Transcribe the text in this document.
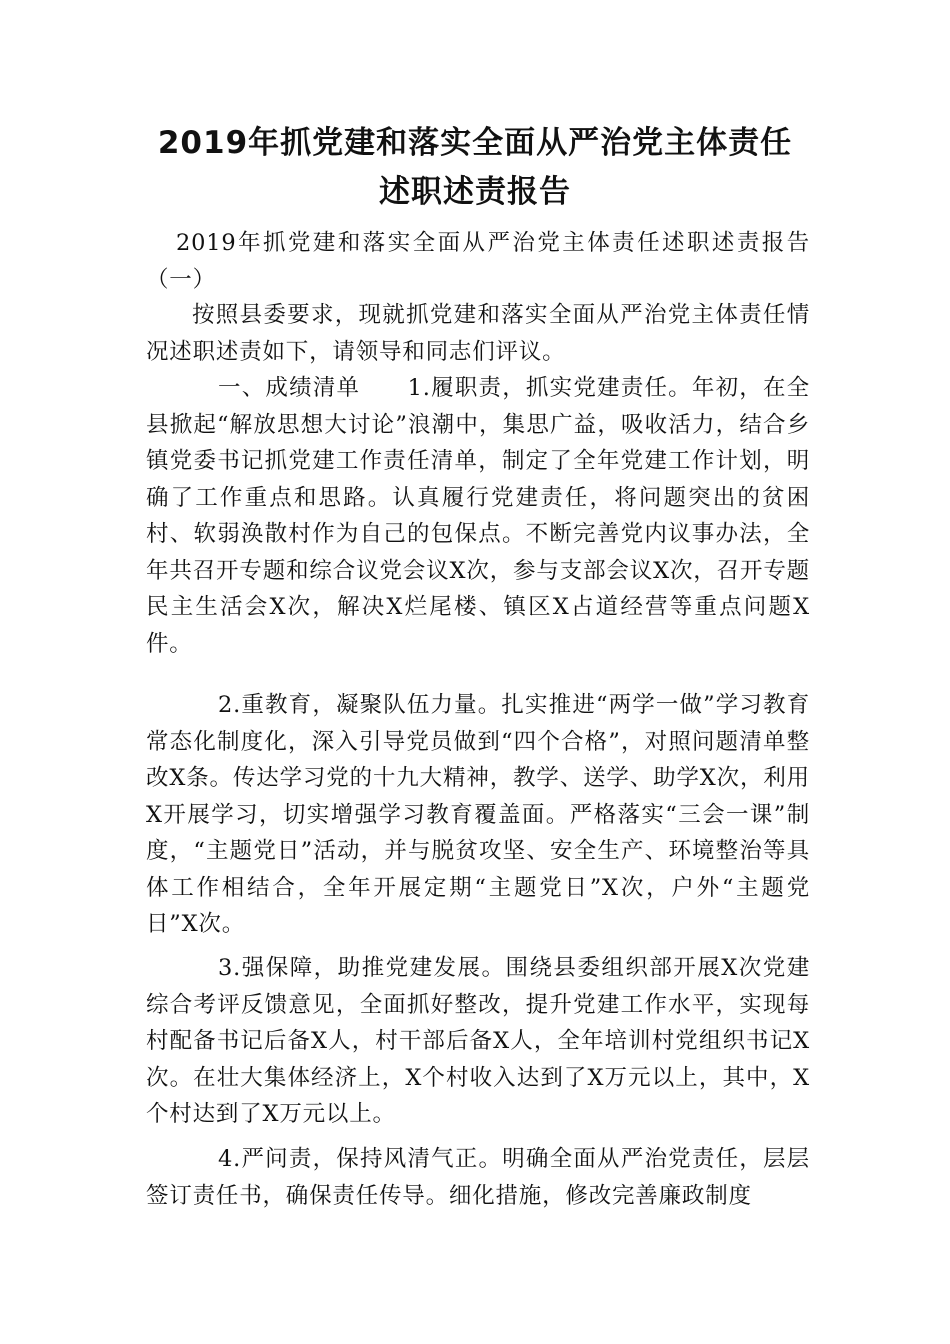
2019年抓党建和落实全面从严治党主体责任
述职述责报告
2019年抓党建和落实全面从严治党主体责任述职述责报告（一）
按照县委要求，现就抓党建和落实全面从严治党主体责任情况述职述责如下，请领导和同志们评议。
一、成绩清单　　1.履职责，抓实党建责任。年初，在全县掀起“解放思想大讨论”浪潮中，集思广益，吸收活力，结合乡镇党委书记抓党建工作责任清单，制定了全年党建工作计划，明确了工作重点和思路。认真履行党建责任，将问题突出的贫困村、软弱涣散村作为自己的包保点。不断完善党内议事办法，全年共召开专题和综合议党会议X次，参与支部会议X次，召开专题民主生活会X次，解决X烂尾楼、镇区X占道经营等重点问题X件。
2.重教育，凝聚队伍力量。扎实推进“两学一做”学习教育常态化制度化，深入引导党员做到“四个合格”，对照问题清单整改X条。传达学习党的十九大精神，教学、送学、助学X次，利用X开展学习，切实增强学习教育覆盖面。严格落实“三会一课”制度，“主题党日”活动，并与脱贫攻坚、安全生产、环境整治等具体工作相结合，全年开展定期“主题党日”X次，户外“主题党日”X次。
3.强保障，助推党建发展。围绕县委组织部开展X次党建综合考评反馈意见，全面抓好整改，提升党建工作水平，实现每村配备书记后备X人，村干部后备X人，全年培训村党组织书记X次。在壮大集体经济上，X个村收入达到了X万元以上，其中，X个村达到了X万元以上。
4.严问责，保持风清气正。明确全面从严治党责任，层层签订责任书，确保责任传导。细化措施，修改完善廉政制度
